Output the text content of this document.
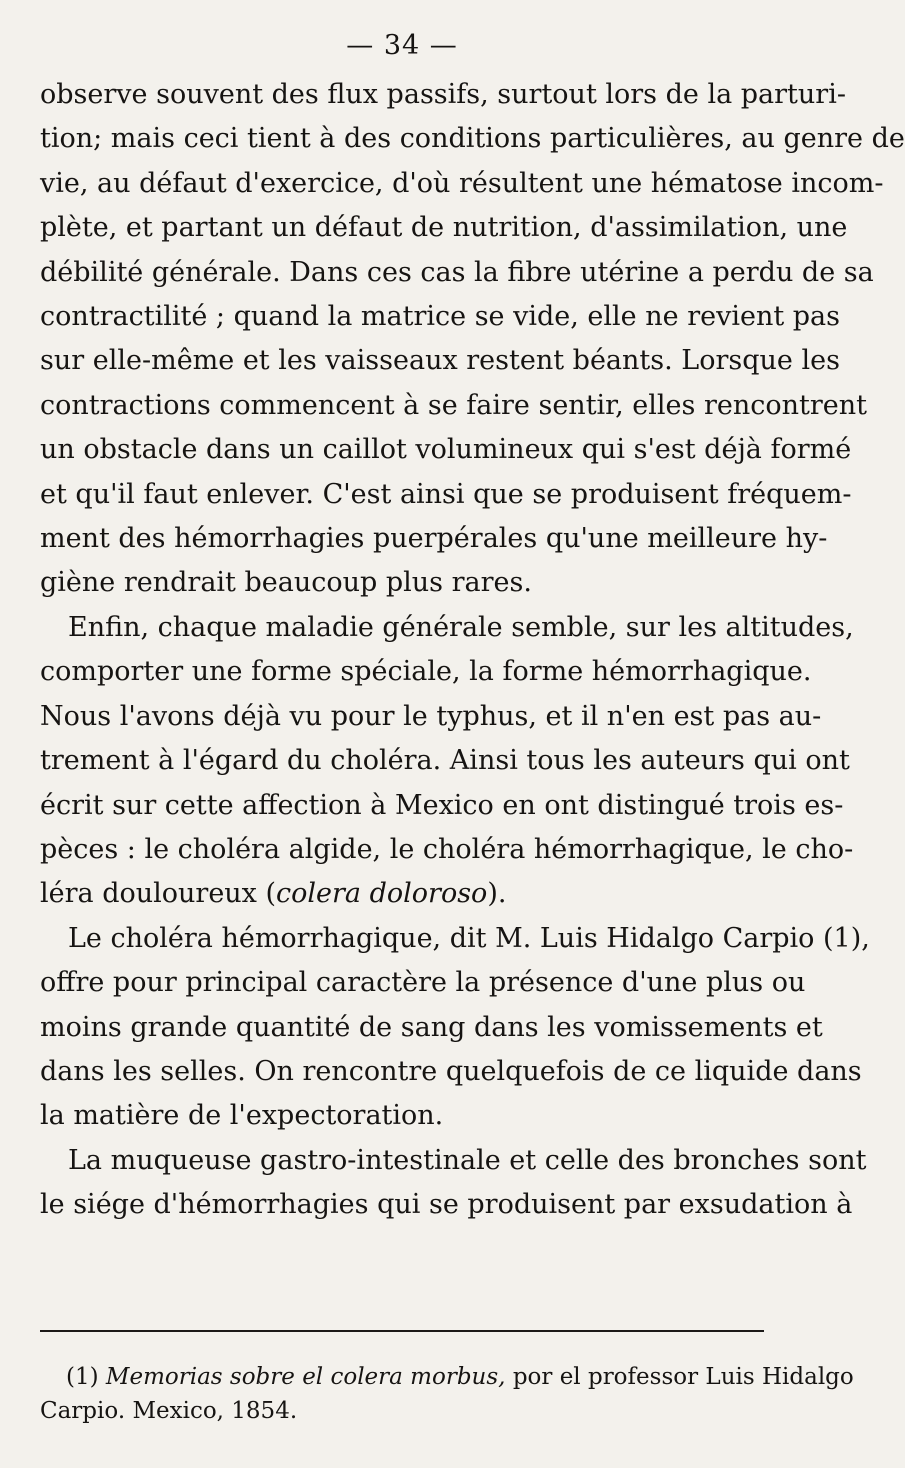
— 34 —

observe souvent des flux passifs, surtout lors de la parturi-

tion; mais ceci tient à des conditions particulières, au genre de

vie, au défaut d'exercice, d'où résultent une hématose incom-

plète, et partant un défaut de nutrition, d'assimilation, une

débilité générale. Dans ces cas la fibre utérine a perdu de sa

contractilité ; quand la matrice se vide, elle ne revient pas

sur elle-même et les vaisseaux restent béants. Lorsque les

contractions commencent à se faire sentir, elles rencontrent

un obstacle dans un caillot volumineux qui s'est déjà formé

et qu'il faut enlever. C'est ainsi que se produisent fréquem-

ment des hémorrhagies puerpérales qu'une meilleure hy-

giène rendrait beaucoup plus rares.

Enfin, chaque maladie générale semble, sur les altitudes,

comporter une forme spéciale, la forme hémorrhagique.

Nous l'avons déjà vu pour le typhus, et il n'en est pas au-

trement à l'égard du choléra. Ainsi tous les auteurs qui ont

écrit sur cette affection à Mexico en ont distingué trois es-

pèces : le choléra algide, le choléra hémorrhagique, le cho-

léra douloureux (colera doloroso).

Le choléra hémorrhagique, dit M. Luis Hidalgo Carpio (1),

offre pour principal caractère la présence d'une plus ou

moins grande quantité de sang dans les vomissements et

dans les selles. On rencontre quelquefois de ce liquide dans

la matière de l'expectoration.

La muqueuse gastro-intestinale et celle des bronches sont

le siége d'hémorrhagies qui se produisent par exsudation à

(1) Memorias sobre el colera morbus, por el professor Luis Hidalgo

Carpio. Mexico, 1854.
